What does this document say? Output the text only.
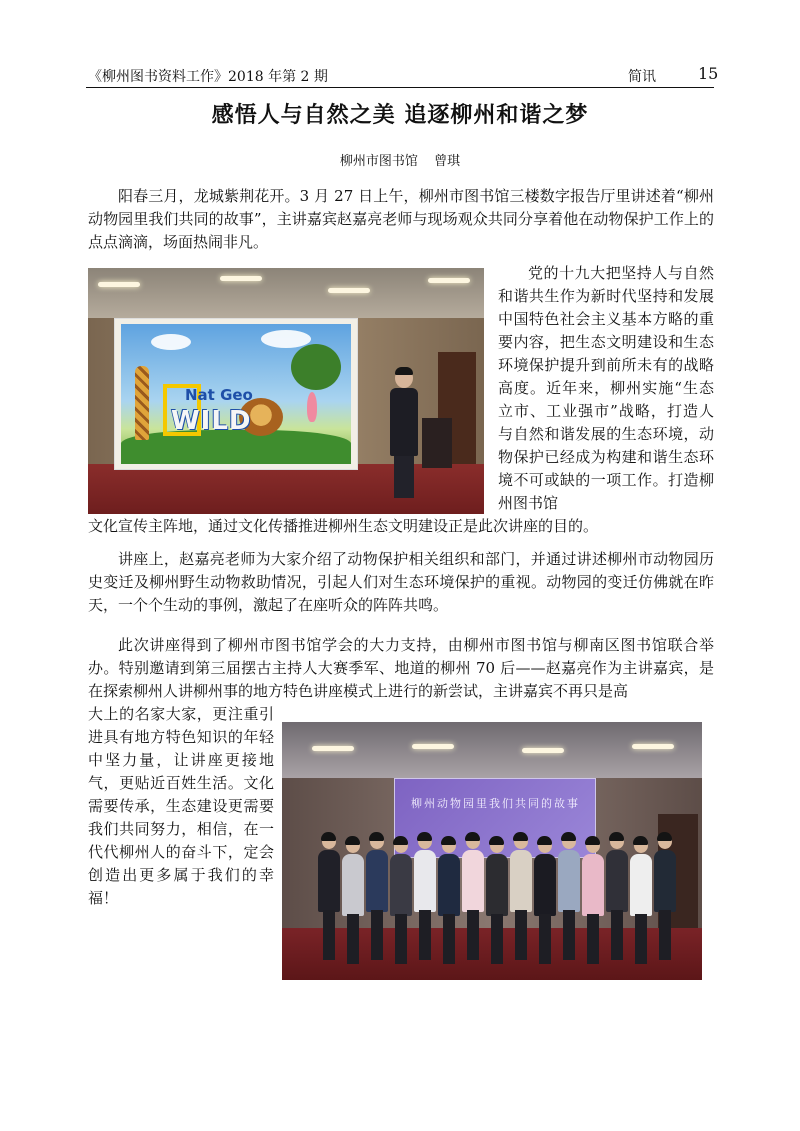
《柳州图书资料工作》2018 年第 2 期	简讯	15
感悟人与自然之美 追逐柳州和谐之梦
柳州市图书馆 曾琪

阳春三月，龙城紫荆花开。3 月 27 日上午，柳州市图书馆三楼数字报告厅里讲述着“柳州动物园里我们共同的故事”，主讲嘉宾赵嘉亮老师与现场观众共同分享着他在动物保护工作上的点点滴滴，场面热闹非凡。

党的十九大把坚持人与自然和谐共生作为新时代坚持和发展中国特色社会主义基本方略的重要内容，把生态文明建设和生态环境保护提升到前所未有的战略高度。近年来，柳州实施“生态立市、工业强市”战略，打造人与自然和谐发展的生态环境，动物保护已经成为构建和谐生态环境不可或缺的一项工作。打造柳州图书馆

文化宣传主阵地，通过文化传播推进柳州生态文明建设正是此次讲座的目的。

讲座上，赵嘉亮老师为大家介绍了动物保护相关组织和部门，并通过讲述柳州市动物园历史变迁及柳州野生动物救助情况，引起人们对生态环境保护的重视。动物园的变迁仿佛就在昨天，一个个生动的事例，激起了在座听众的阵阵共鸣。

此次讲座得到了柳州市图书馆学会的大力支持，由柳州市图书馆与柳南区图书馆联合举办。特别邀请到第三届摆古主持人大赛季军、地道的柳州 70 后——赵嘉亮作为主讲嘉宾，是在探索柳州人讲柳州事的地方特色讲座模式上进行的新尝试，主讲嘉宾不再只是高

大上的名家大家，更注重引进具有地方特色知识的年轻中坚力量，让讲座更接地气，更贴近百姓生活。文化需要传承，生态建设更需要我们共同努力，相信，在一代代柳州人的奋斗下，定会创造出更多属于我们的幸福！

Nat Geo
WILD
柳州动物园里我们共同的故事
